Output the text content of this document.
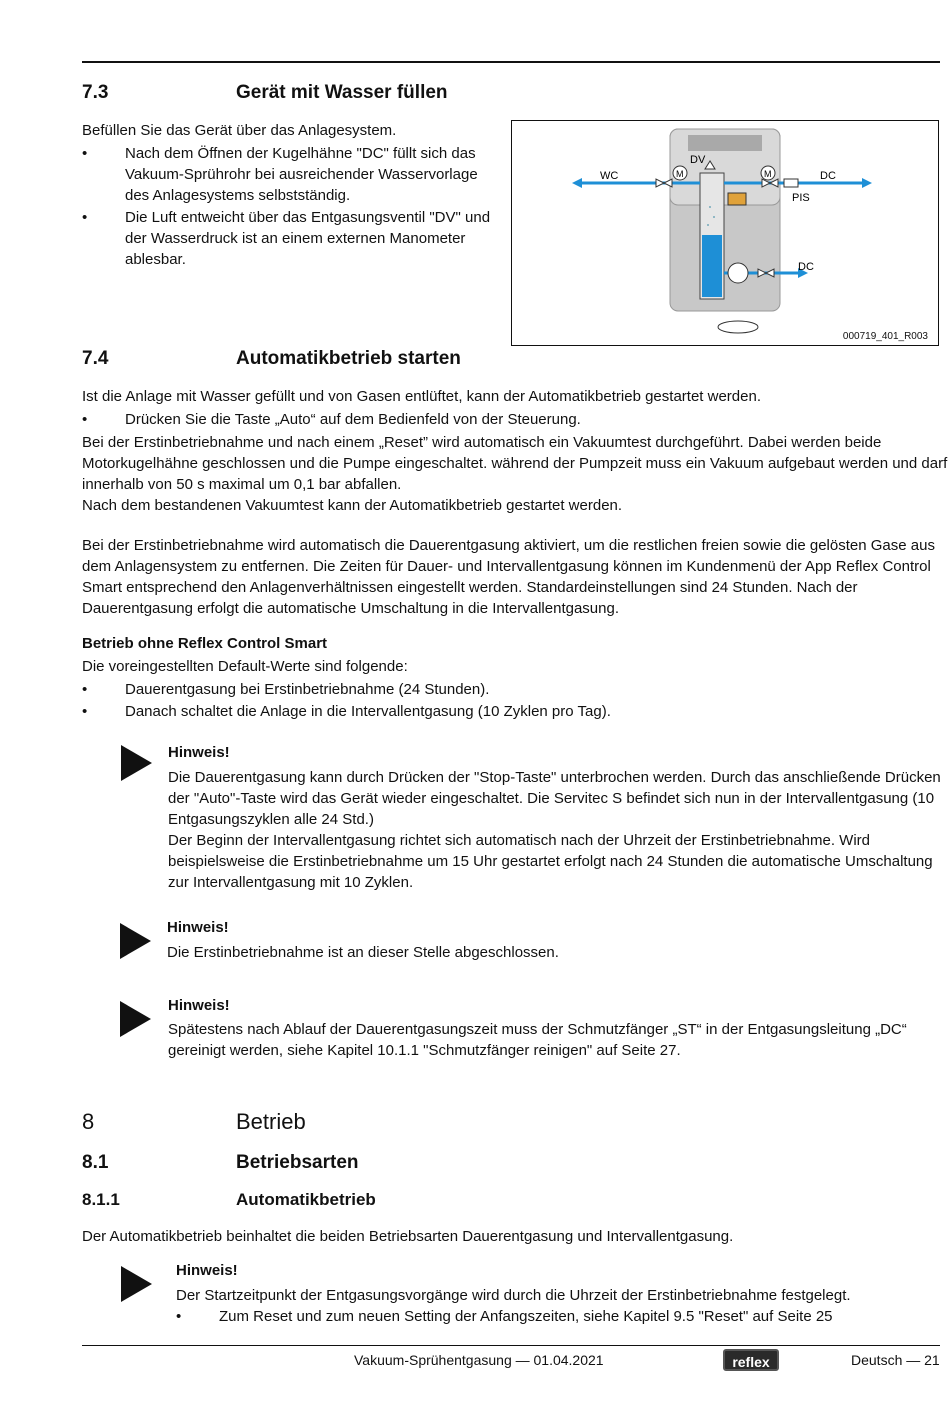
7.3	Gerät mit Wasser füllen
Befüllen Sie das Gerät über das Anlagesystem.
•	Nach dem Öffnen der Kugelhähne "DC" füllt sich das
Vakuum-Sprührohr bei ausreichender Wasservorlage
des Anlagesystems selbstständig.
•	Die Luft entweicht über das Entgasungsventil "DV" und
der Wasserdruck ist an einem externen Manometer
ablesbar.
WC
DV
M	M	DC
PIS
DC
000719_401_R003
7.4	Automatikbetrieb starten
Ist die Anlage mit Wasser gefüllt und von Gasen entlüftet, kann der Automatikbetrieb gestartet werden.
•	Drücken Sie die Taste „Auto“ auf dem Bedienfeld von der Steuerung.
Bei der Erstinbetriebnahme und nach einem „Reset” wird automatisch ein Vakuumtest durchgeführt. Dabei werden beide
Motorkugelhähne geschlossen und die Pumpe eingeschaltet. während der Pumpzeit muss ein Vakuum aufgebaut werden und darf
innerhalb von 50 s maximal um 0,1 bar abfallen.
Nach dem bestandenen Vakuumtest kann der Automatikbetrieb gestartet werden.
Bei der Erstinbetriebnahme wird automatisch die Dauerentgasung aktiviert, um die restlichen freien sowie die gelösten Gase aus
dem Anlagensystem zu entfernen. Die Zeiten für Dauer- und Intervallentgasung können im Kundenmenü der App Reflex Control
Smart entsprechend den Anlagenverhältnissen eingestellt werden. Standardeinstellungen sind 24 Stunden. Nach der
Dauerentgasung erfolgt die automatische Umschaltung in die Intervallentgasung.
Betrieb ohne Reflex Control Smart
Die voreingestellten Default-Werte sind folgende:
•	Dauerentgasung bei Erstinbetriebnahme (24 Stunden).
•	Danach schaltet die Anlage in die Intervallentgasung (10 Zyklen pro Tag).
Hinweis!
Die Dauerentgasung kann durch Drücken der "Stop-Taste" unterbrochen werden. Durch das anschließende Drücken
der "Auto"-Taste wird das Gerät wieder eingeschaltet. Die Servitec S befindet sich nun in der Intervallentgasung (10
Entgasungszyklen alle 24 Std.)
Der Beginn der Intervallentgasung richtet sich automatisch nach der Uhrzeit der Erstinbetriebnahme. Wird
beispielsweise die Erstinbetriebnahme um 15 Uhr gestartet erfolgt nach 24 Stunden die automatische Umschaltung
zur Intervallentgasung mit 10 Zyklen.
Hinweis!
Die Erstinbetriebnahme ist an dieser Stelle abgeschlossen.
Hinweis!
Spätestens nach Ablauf der Dauerentgasungszeit muss der Schmutzfänger „ST“ in der Entgasungsleitung „DC“
gereinigt werden, siehe Kapitel 10.1.1 "Schmutzfänger reinigen" auf Seite 27.
8	Betrieb
8.1	Betriebsarten
8.1.1	Automatikbetrieb
Der Automatikbetrieb beinhaltet die beiden Betriebsarten Dauerentgasung und Intervallentgasung.
Hinweis!
Der Startzeitpunkt der Entgasungsvorgänge wird durch die Uhrzeit der Erstinbetriebnahme festgelegt.
•	Zum Reset und zum neuen Setting der Anfangszeiten, siehe Kapitel 9.5 "Reset" auf Seite 25
Vakuum-Sprühentgasung — 01.04.2021	reflex	Deutsch — 21
